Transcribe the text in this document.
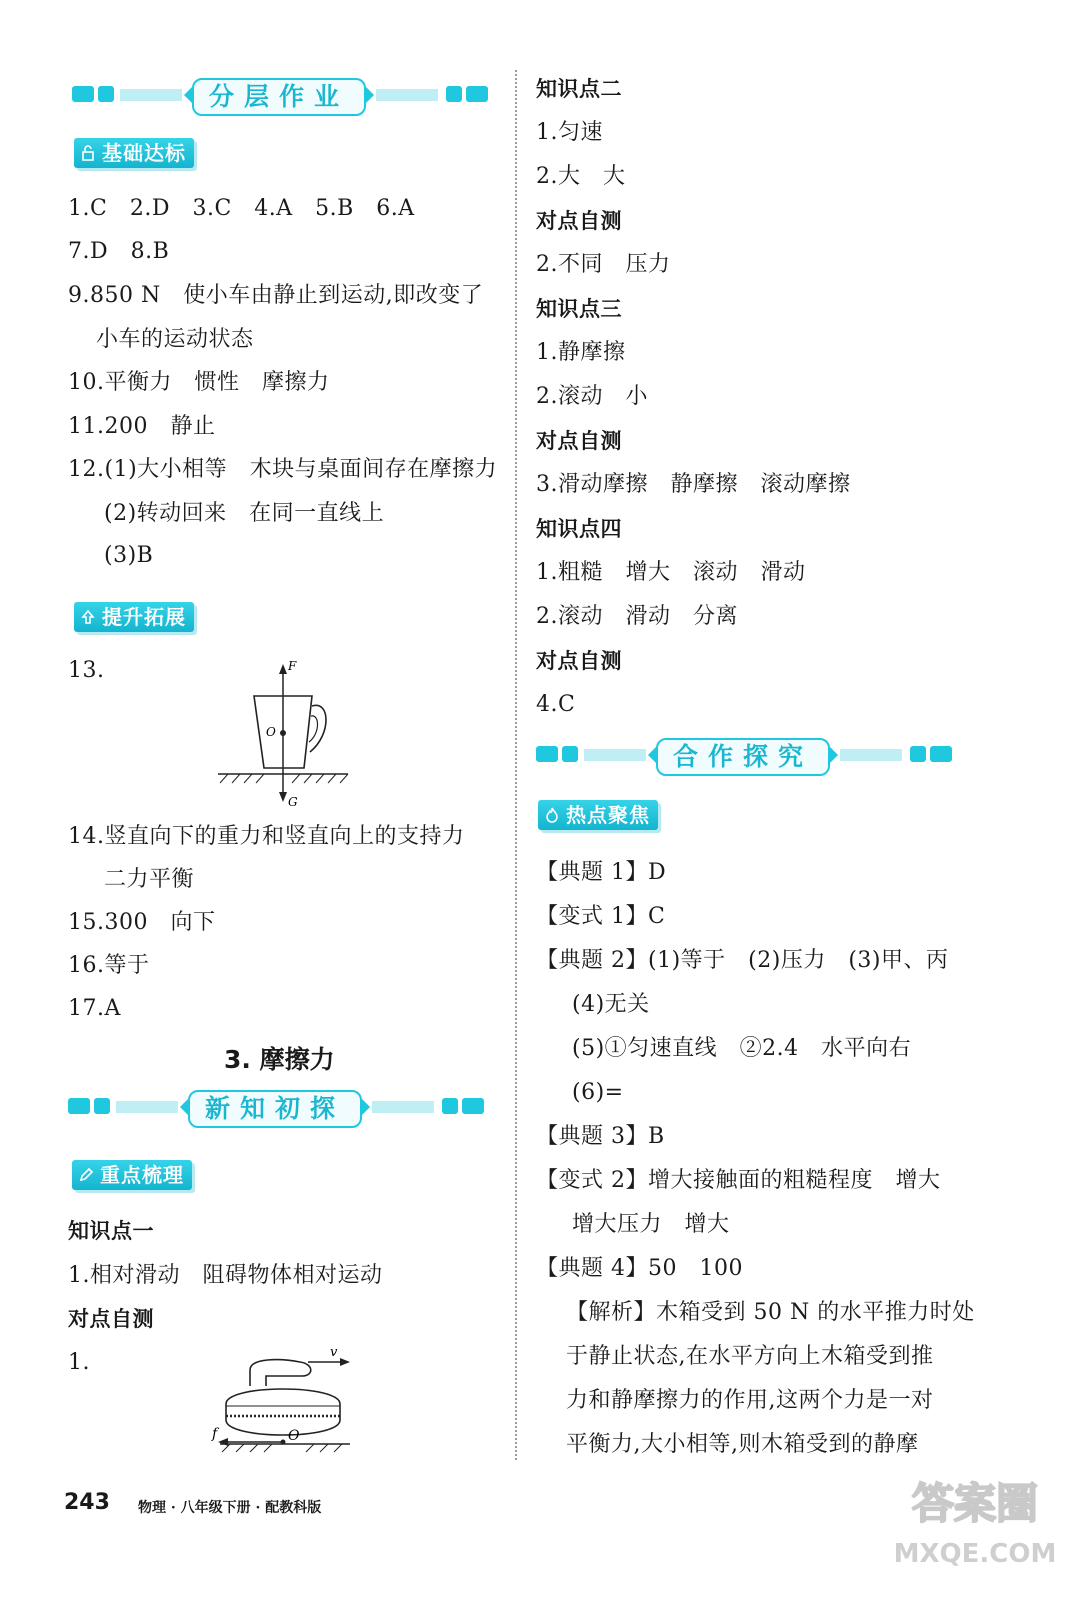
分层作业
基础达标
1.C　2.D　3.C　4.A　5.B　6.A
7.D　8.B
9.850 N　使小车由静止到运动,即改变了
小车的运动状态
10.平衡力　惯性　摩擦力
11.200　静止
12.(1)大小相等　木块与桌面间存在摩擦力
(2)转动回来　在同一直线上
(3)B
提升拓展
13.	F
O
G
14.竖直向下的重力和竖直向上的支持力
二力平衡
15.300　向下
16.等于
17.A
3. 摩擦力
新知初探
重点梳理
知识点一
1.相对滑动　阻碍物体相对运动
对点自测
1.	v
f	O
知识点二
1.匀速
2.大　大
对点自测
2.不同　压力
知识点三
1.静摩擦
2.滚动　小
对点自测
3.滑动摩擦　静摩擦　滚动摩擦
知识点四
1.粗糙　增大　滚动　滑动
2.滚动　滑动　分离
对点自测
4.C
合作探究
热点聚焦
【典题 1】D
【变式 1】C
【典题 2】(1)等于　(2)压力　(3)甲、丙
(4)无关
(5)①匀速直线　②2.4　水平向右
(6)=
【典题 3】B
【变式 2】增大接触面的粗糙程度　增大
增大压力　增大
【典题 4】50　100
【解析】木箱受到 50 N 的水平推力时处
于静止状态,在水平方向上木箱受到推
力和静摩擦力的作用,这两个力是一对
平衡力,大小相等,则木箱受到的静摩
243 物理 · 八年级下册 · 配教科版	答案圈
MXQE.COM
